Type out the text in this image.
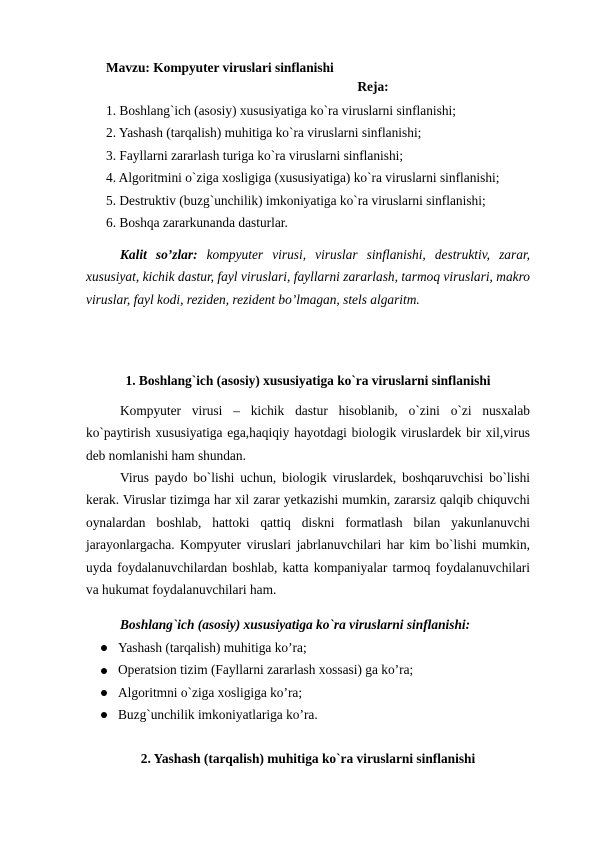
Mavzu: Kompyuter viruslari sinflanishi
Reja:
1. Boshlang`ich (asosiy) xususiyatiga ko`ra viruslarni sinflanishi;
2. Yashash (tarqalish) muhitiga ko`ra viruslarni sinflanishi;
3. Fayllarni zararlash turiga ko`ra viruslarni sinflanishi;
4. Algoritmini o`ziga xosligiga (xususiyatiga) ko`ra viruslarni sinflanishi;
5. Destruktiv (buzg`unchilik) imkoniyatiga ko`ra viruslarni sinflanishi;
6. Boshqa zararkunanda dasturlar.

Kalit so’zlar: kompyuter virusi, viruslar sinflanishi, destruktiv, zarar, xususiyat, kichik dastur, fayl viruslari, fayllarni zararlash, tarmoq viruslari, makro viruslar, fayl kodi, reziden, rezident bo’lmagan, stels algaritm.

1. Boshlang`ich (asosiy) xususiyatiga ko`ra viruslarni sinflanishi

Kompyuter virusi – kichik dastur hisoblanib, o`zini o`zi nusxalab ko`paytirish xususiyatiga ega,haqiqiy hayotdagi biologik viruslardek bir xil,virus deb nomlanishi ham shundan.

Virus paydo bo`lishi uchun, biologik viruslardek, boshqaruvchisi bo`lishi kerak. Viruslar tizimga har xil zarar yetkazishi mumkin, zararsiz qalqib chiquvchi oynalardan boshlab, hattoki qattiq diskni formatlash bilan yakunlanuvchi jarayonlargacha. Kompyuter viruslari jabrlanuvchilari har kim bo`lishi mumkin, uyda foydalanuvchilardan boshlab, katta kompaniyalar tarmoq foydalanuvchilari va hukumat foydalanuvchilari ham.

Boshlang`ich (asosiy) xususiyatiga ko`ra viruslarni sinflanishi:
Yashash (tarqalish) muhitiga ko’ra;
Operatsion tizim (Fayllarni zararlash xossasi) ga ko’ra;
Algoritmni o`ziga xosligiga ko’ra;
Buzg`unchilik imkoniyatlariga ko’ra.
2. Yashash (tarqalish) muhitiga ko`ra viruslarni sinflanishi
